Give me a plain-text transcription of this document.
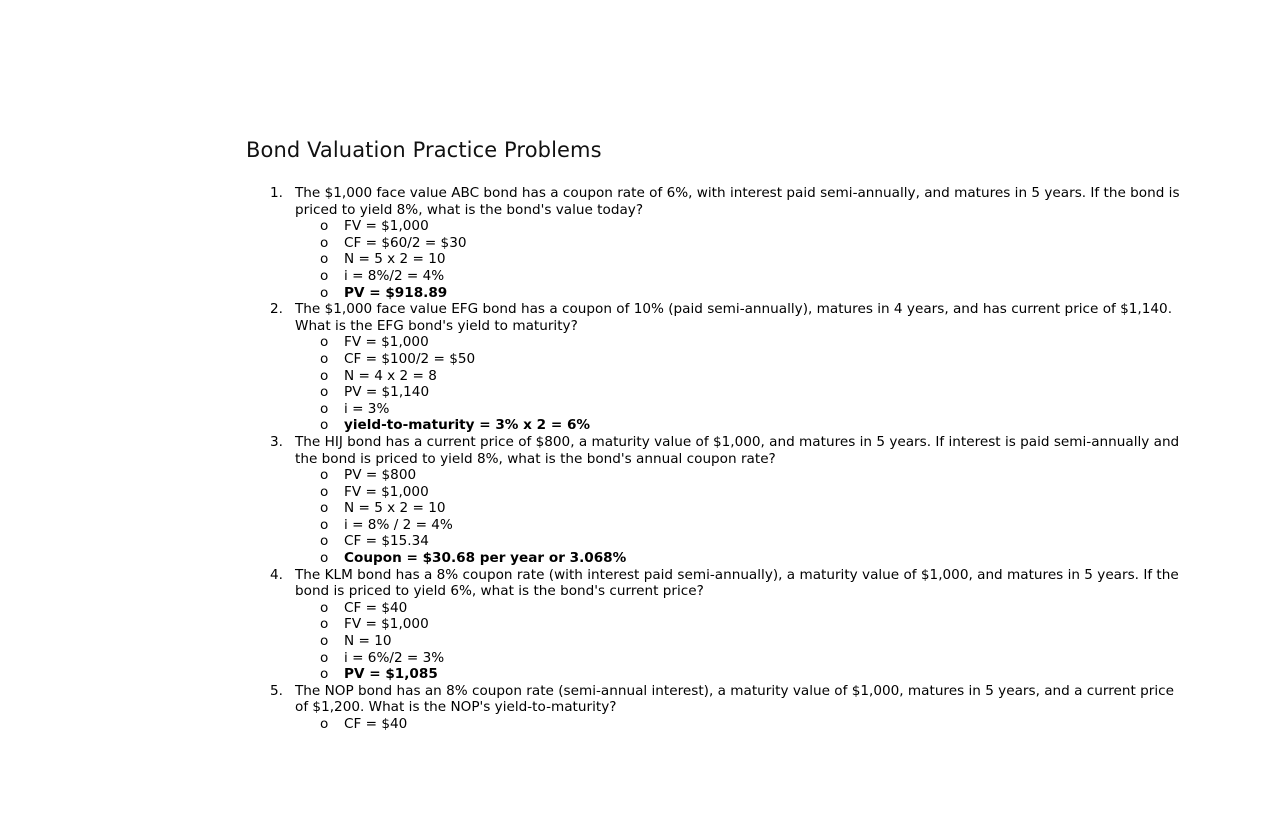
Bond Valuation Practice Problems
1. The $1,000 face value ABC bond has a coupon rate of 6%, with interest paid semi-annually, and matures in 5 years. If the bond is priced to yield 8%, what is the bond's value today?
o FV = $1,000
o CF = $60/2 = $30
o N = 5 x 2 = 10
o i = 8%/2 = 4%
o PV = $918.89
2. The $1,000 face value EFG bond has a coupon of 10% (paid semi-annually), matures in 4 years, and has current price of $1,140. What is the EFG bond's yield to maturity?
o FV = $1,000
o CF = $100/2 = $50
o N = 4 x 2 = 8
o PV = $1,140
o i = 3%
o yield-to-maturity = 3% x 2 = 6%
3. The HIJ bond has a current price of $800, a maturity value of $1,000, and matures in 5 years. If interest is paid semi-annually and the bond is priced to yield 8%, what is the bond's annual coupon rate?
o PV = $800
o FV = $1,000
o N = 5 x 2 = 10
o i = 8% / 2 = 4%
o CF = $15.34
o Coupon = $30.68 per year or 3.068%
4. The KLM bond has a 8% coupon rate (with interest paid semi-annually), a maturity value of $1,000, and matures in 5 years. If the bond is priced to yield 6%, what is the bond's current price?
o CF = $40
o FV = $1,000
o N = 10
o i = 6%/2 = 3%
o PV = $1,085
5. The NOP bond has an 8% coupon rate (semi-annual interest), a maturity value of $1,000, matures in 5 years, and a current price of $1,200. What is the NOP's yield-to-maturity?
o CF = $40
